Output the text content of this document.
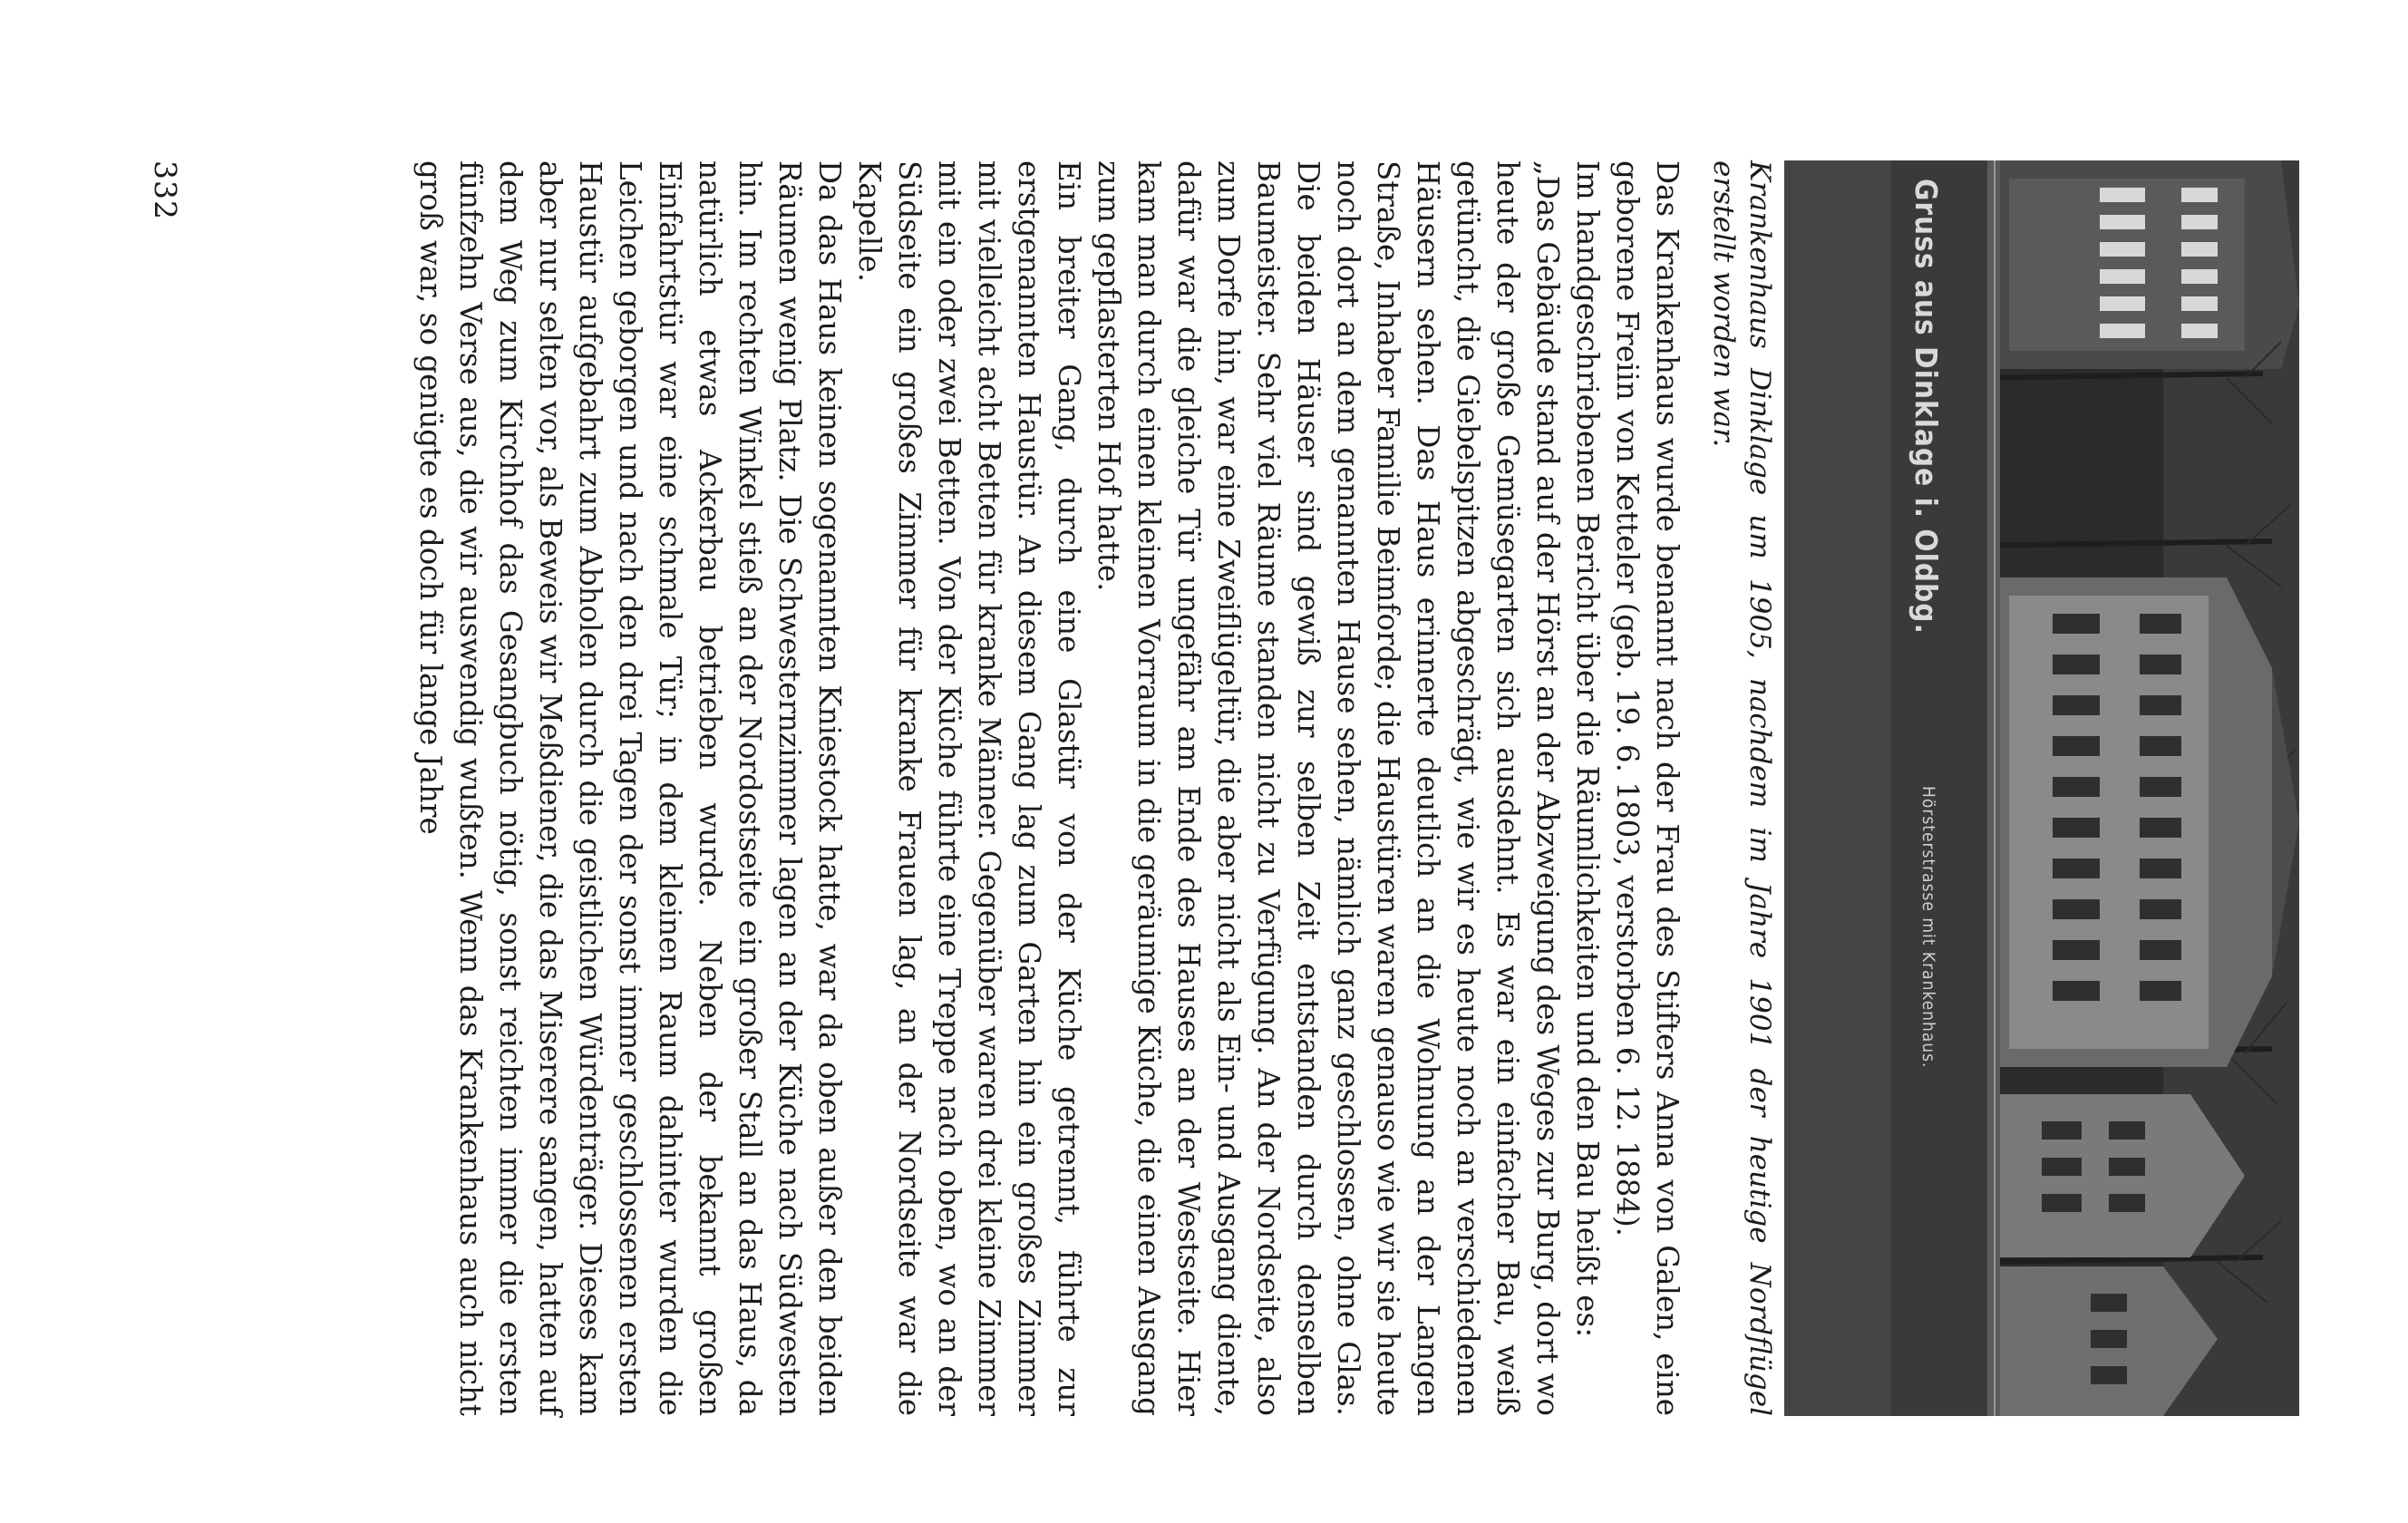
Gruss aus Dinklage i. Oldbg.
Hörsterstrasse mit Krankenhaus.
Krankenhaus Dinklage um 1905, nachdem im Jahre 1901 der heutige Nordflügel erstellt worden war.

Das Krankenhaus wurde benannt nach der Frau des Stifters Anna von Galen, eine geborene Freiin von Ketteler (geb. 19. 6. 1803, verstorben 6. 12. 1884).

Im handgeschriebenen Bericht über die Räumlichkeiten und den Bau heißt es:

„Das Gebäude stand auf der Hörst an der Abzweigung des Weges zur Burg, dort wo heute der große Gemüsegarten sich ausdehnt. Es war ein einfacher Bau, weiß getüncht, die Giebelspitzen abgeschrägt, wie wir es heute noch an verschiedenen Häusern sehen. Das Haus erinnerte deutlich an die Wohnung an der Langen Straße, Inhaber Familie Beimforde; die Haustüren waren genauso wie wir sie heute noch dort an dem genannten Hause sehen, nämlich ganz geschlossen, ohne Glas. Die beiden Häuser sind gewiß zur selben Zeit entstanden durch denselben Baumeister. Sehr viel Räume standen nicht zu Verfügung. An der Nordseite, also zum Dorfe hin, war eine Zweiflügeltür, die aber nicht als Ein- und Ausgang diente, dafür war die gleiche Tür ungefähr am Ende des Hauses an der Westseite. Hier kam man durch einen kleinen Vorraum in die geräumige Küche, die einen Ausgang zum gepflasterten Hof hatte.

Ein breiter Gang, durch eine Glastür von der Küche getrennt, führte zur erstgenannten Haustür. An diesem Gang lag zum Garten hin ein großes Zimmer mit vielleicht acht Betten für kranke Männer. Gegenüber waren drei kleine Zimmer mit ein oder zwei Betten. Von der Küche führte eine Treppe nach oben, wo an der Südseite ein großes Zimmer für kranke Frauen lag, an der Nordseite war die Kapelle.

Da das Haus keinen sogenannten Kniestock hatte, war da oben außer den beiden Räumen wenig Platz. Die Schwesternzimmer lagen an der Küche nach Südwesten hin. Im rechten Winkel stieß an der Nordostseite ein großer Stall an das Haus, da natürlich etwas Ackerbau betrieben wurde. Neben der bekannt großen Einfahrtstür war eine schmale Tür; in dem kleinen Raum dahinter wurden die Leichen geborgen und nach den drei Tagen der sonst immer geschlossenen ersten Haustür aufgebahrt zum Abholen durch die geistlichen Würdenträger. Dieses kam aber nur selten vor, als Beweis wir Meßdiener, die das Miserere sangen, hatten auf dem Weg zum Kirchhof das Gesangbuch nötig, sonst reichten immer die ersten fünfzehn Verse aus, die wir auswendig wußten. Wenn das Krankenhaus auch nicht groß war, so genügte es doch für lange Jahre

332
